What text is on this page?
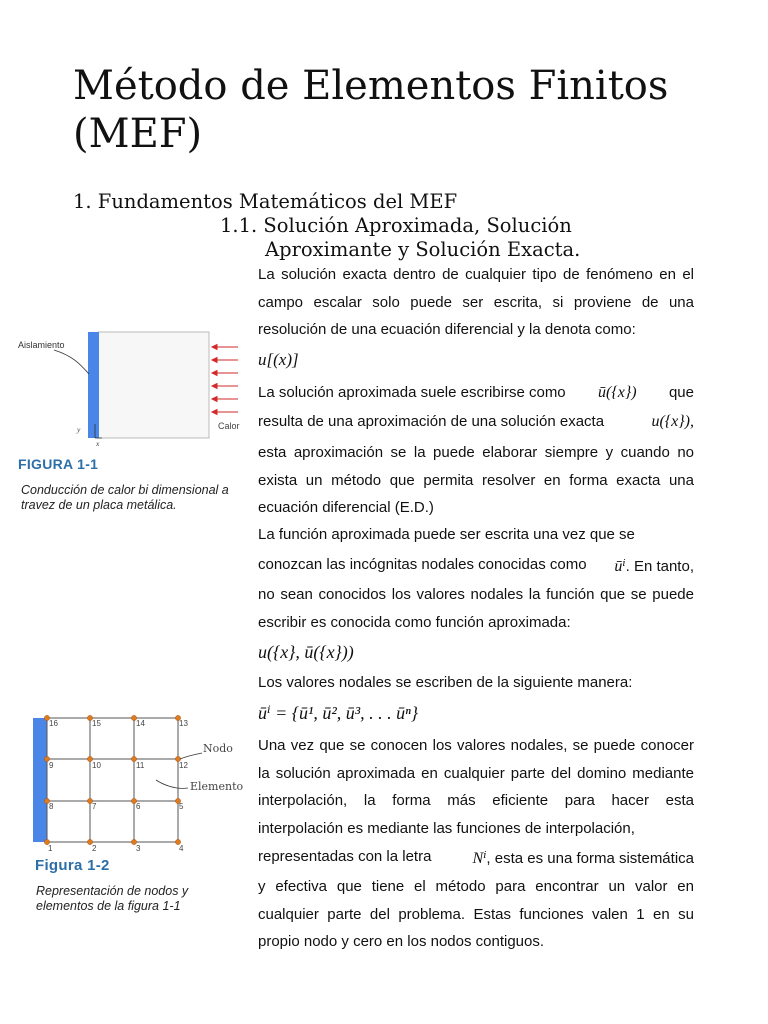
Método de Elementos Finitos (MEF)
1. Fundamentos Matemáticos del MEF
1.1. Solución Aproximada, Solución
Aproximante y Solución Exacta.
La solución exacta dentro de cualquier tipo de fenómeno en el campo escalar solo puede ser escrita, si proviene de una resolución de una ecuación diferencial y la denota como:
u[(x)]
La solución aproximada suele escribirse como ū({x}) que
resulta de una aproximación de una solución exacta	u({x}),
esta aproximación se la puede elaborar siempre y cuando no exista un método que permita resolver en forma exacta una ecuación diferencial (E.D.)
La función aproximada puede ser escrita una vez que se
conozcan las incógnitas nodales conocidas como ūⁱ. En tanto,
no sean conocidos los valores nodales la función que se puede escribir es conocida como función aproximada:
u({x}, ū({x}))
Los valores nodales se escriben de la siguiente manera:
ūⁱ = {ū¹, ū², ū³, . . . ūⁿ}
Una vez que se conocen los valores nodales, se puede conocer la solución aproximada en cualquier parte del domino mediante interpolación, la forma más eficiente para hacer esta interpolación es mediante las funciones de interpolación,
representadas con la letra	Nⁱ, esta es una forma sistemática
y efectiva que tiene el método para encontrar un valor en cualquier parte del problema. Estas funciones valen 1 en su propio nodo y cero en los nodos contiguos.
Aislamiento
Calor
y
x
FIGURA 1-1
Conducción de calor bi dimensional a travez de un placa metálica.
16	15	14	13
9	10	11	12
8	7	6	5
1	2	3	4
Nodo
Elemento
Figura 1-2
Representación de nodos y elementos de la figura 1-1
